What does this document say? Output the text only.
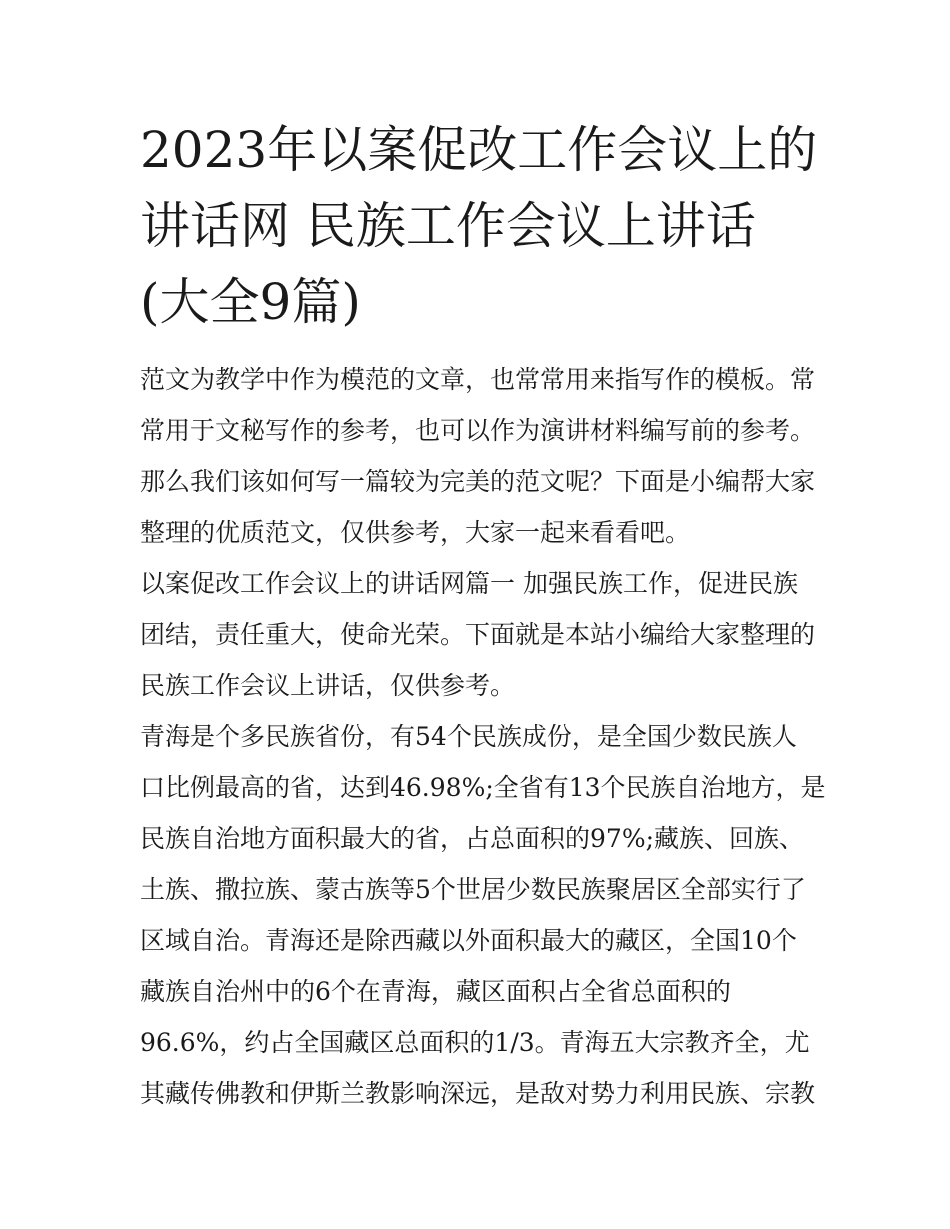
2023年以案促改工作会议上的
讲话网 民族工作会议上讲话
(大全9篇)
范文为教学中作为模范的文章，也常常用来指写作的模板。常
常用于文秘写作的参考，也可以作为演讲材料编写前的参考。
那么我们该如何写一篇较为完美的范文呢？下面是小编帮大家
整理的优质范文，仅供参考，大家一起来看看吧。
以案促改工作会议上的讲话网篇一 加强民族工作，促进民族
团结，责任重大，使命光荣。下面就是本站小编给大家整理的
民族工作会议上讲话，仅供参考。
青海是个多民族省份，有54个民族成份，是全国少数民族人
口比例最高的省，达到46.98%;全省有13个民族自治地方，是
民族自治地方面积最大的省，占总面积的97%;藏族、回族、
土族、撒拉族、蒙古族等5个世居少数民族聚居区全部实行了
区域自治。青海还是除西藏以外面积最大的藏区，全国10个
藏族自治州中的6个在青海，藏区面积占全省总面积的
96.6%，约占全国藏区总面积的1/3。青海五大宗教齐全，尤
其藏传佛教和伊斯兰教影响深远，是敌对势力利用民族、宗教
